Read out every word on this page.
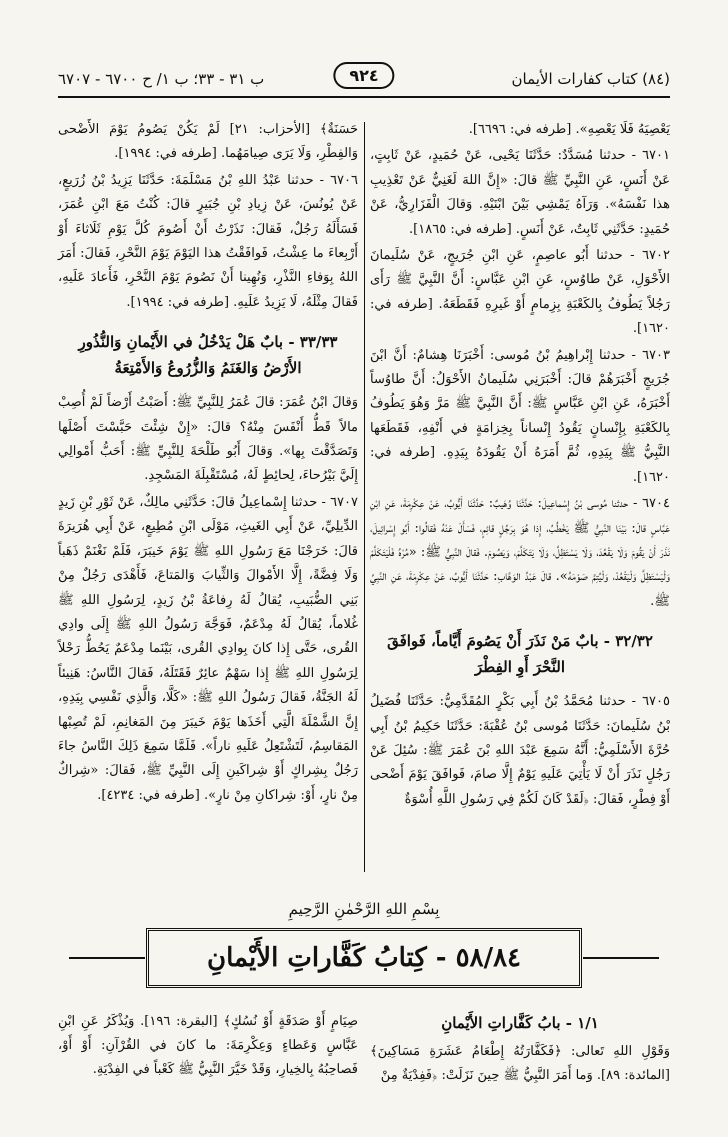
ب ٣١ - ٣٣؛ ب ١/ ح ٦٧٠٠ - ٦٧٠٧	٩٢٤	(٨٤) كتاب كفارات الأيمان

يَعْصِيَهُ فَلَا يَعْصِهِ». [طرفه في: ٦٦٩٦].

٦٧٠١ - حدثنا مُسَدَّدٌ: حَدَّثَنَا يَحْيى، عَنْ حُمَيدٍ، عَنْ ثَابِتٍ، عَنْ أَنَسٍ، عَنِ النَّبِيِّ ﷺ قالَ: «إِنَّ اللهَ لَغَنِيٌّ عَنْ تَعْذِيبِ هذا نَفْسَهُ». وَرَآهُ يَمْشِي بَيْنَ ابْنَيْهِ. وَقالَ الْفَزَارِيُّ، عَنْ حُمَيدٍ: حَدَّثَنِي ثَابِتٌ، عَنْ أَنَسٍ. [طرفه في: ١٨٦٥].

٦٧٠٢ - حدثنا أَبُو عاصِمٍ، عَنِ ابْنِ جُرَيجٍ، عَنْ سُلَيمانَ الأَحْوَلِ، عَنْ طاوُسٍ، عَنِ ابْنِ عَبَّاسٍ: أَنَّ النَّبِيَّ ﷺ رَأَى رَجُلاً يَطُوفُ بِالكَعْبَةِ بِزِمامٍ أَوْ غَيرِهِ فَقَطَعَهُ. [طرفه في: ١٦٢٠].

٦٧٠٣ - حدثنا إِبْراهِيمُ بْنُ مُوسى: أَخْبَرَنَا هِشامٌ: أَنَّ ابْنَ جُرَيجٍ أَخْبَرَهُمْ قالَ: أَخْبَرَنِي سُلَيمانُ الأَحْوَلُ: أَنَّ طاوُساً أَخْبَرَهُ، عَنِ ابْنِ عَبَّاسٍ ﷺ: أَنَّ النَّبِيَّ ﷺ مَرَّ وَهُوَ يَطُوفُ بِالكَعْبَةِ بِإِنْسانٍ يَقُودُ إِنْساناً بِخِزامَةٍ في أَنْفِهِ، فَقَطَعَها النَّبِيُّ ﷺ بِيَدِهِ، ثُمَّ أَمَرَهُ أَنْ يَقُودَهُ بِيَدِهِ. [طرفه في: ١٦٢٠].

٦٧٠٤ - حدثنا مُوسى بْنُ إِسْماعِيلَ: حَدَّثَنَا وُهَيبٌ: حَدَّثَنَا أَيُّوبُ، عَنْ عِكْرِمَةَ، عَنِ ابْنِ عَبَّاسٍ قالَ: بَيْنَا النَّبِيُّ ﷺ يَخْطُبُ، إِذا هُوَ بِرَجُلٍ قائِمٍ، فَسَأَلَ عَنْهُ فَقالُوا: أَبُو إِسْرائِيلَ، نَذَرَ أَنْ يَقُومَ وَلَا يَقْعُدَ، وَلَا يَسْتَظِلَّ، وَلَا يَتَكَلَّمَ، وَيَصُومَ. فَقالَ النَّبِيُّ ﷺ: «مُرْهُ فَلْيَتَكَلَّمْ وَلْيَسْتَظِلَّ وَلْيَقْعُدْ، وَلْيُتِمَّ صَوْمَهُ». قالَ عَبْدُ الوَهَّابِ: حَدَّثَنَا أَيُّوبُ، عَنْ عِكْرِمَةَ، عَنِ النَّبِيِّ ﷺ.

٣٢/٣٢ - بابٌ مَنْ نَذَرَ أَنْ يَصُومَ أَيَّاماً، فَوافَقَ النَّحْرَ أَوِ الفِطْرَ

٦٧٠٥ - حدثنا مُحَمَّدُ بْنُ أَبِي بَكْرٍ المُقَدَّمِيُّ: حَدَّثَنَا فُضَيلُ بْنُ سُلَيمانَ: حَدَّثَنَا مُوسى بْنُ عُقْبَةَ: حَدَّثَنَا حَكِيمُ بْنُ أَبِي حُرَّةَ الأَسْلَمِيُّ: أَنَّهُ سَمِعَ عَبْدَ اللهِ بْنَ عُمَرَ ﷺ: سُئِلَ عَنْ رَجُلٍ نَذَرَ أَنْ لَا يَأْتِيَ عَلَيهِ يَوْمٌ إِلَّا صامَ، فَوافَقَ يَوْمَ أَضْحى أَوْ فِطْرٍ، فَقالَ: ﴿لَقَدْ كَانَ لَكُمْ فِي رَسُولِ اللَّهِ أُسْوَةٌ

حَسَنَةٌ﴾ [الأحزاب: ٢١] لَمْ يَكُنْ يَصُومُ يَوْمَ الأَضْحى وَالفِطْرِ، وَلَا يَرَى صِيامَهُما. [طرفه في: ١٩٩٤].

٦٧٠٦ - حدثنا عَبْدُ اللهِ بْنُ مَسْلَمَةَ: حَدَّثَنَا يَزِيدُ بْنُ زُرَيعٍ، عَنْ يُونُسَ، عَنْ زِيادِ بْنِ جُبَيرٍ قالَ: كُنْتُ مَعَ ابْنِ عُمَرَ، فَسَأَلَهُ رَجُلٌ، فَقالَ: نَذَرْتُ أَنْ أَصُومَ كُلَّ يَوْمِ ثَلَاثاءَ أَوْ أَرْبِعاءَ ما عِشْتُ، فَوافَقْتُ هذا اليَوْمَ يَوْمَ النَّحْرِ، فَقالَ: أَمَرَ اللهُ بِوَفاءِ النَّذْرِ، وَنُهِينا أَنْ نَصُومَ يَوْمَ النَّحْرِ، فَأَعادَ عَلَيهِ، فَقالَ مِثْلَهُ، لَا يَزِيدُ عَلَيهِ. [طرفه في: ١٩٩٤].

٣٣/٣٣ - بابٌ هَلْ يَدْخُلُ في الأَيْمانِ وَالنُّذُورِ الأَرْضُ وَالغَنَمُ وَالزُّرُوعُ وَالأَمْتِعَةُ

وَقالَ ابْنُ عُمَرَ: قالَ عُمَرُ لِلنَّبِيِّ ﷺ: أَصَبْتُ أَرْضاً لَمْ أُصِبْ مالاً قَطُّ أَنْفَسَ مِنْهُ؟ قالَ: «إِنْ شِئْتَ حَبَّسْتَ أَصْلَها وَتَصَدَّقْتَ بِها». وَقالَ أَبُو طَلْحَةَ لِلنَّبِيِّ ﷺ: أَحَبُّ أَمْوالِي إِلَيَّ بَيْرُحاءَ، لِحائِطٍ لَهُ، مُسْتَقْبِلَةَ المَسْجِدِ.

٦٧٠٧ - حدثنا إِسْماعِيلُ قالَ: حَدَّثَنِي مالِكٌ، عَنْ ثَوْرِ بْنِ زَيدٍ الدِّيلِيِّ، عَنْ أَبِي الغَيثِ، مَوْلَى ابْنِ مُطِيعٍ، عَنْ أَبِي هُرَيرَةَ قالَ: خَرَجْنَا مَعَ رَسُولِ اللهِ ﷺ يَوْمَ خَيبَرَ، فَلَمْ نَغْنَمْ ذَهَباً وَلَا فِضَّةً، إِلَّا الأَمْوالَ وَالثِّيابَ وَالمَتاعَ، فَأَهْدَى رَجُلٌ مِنْ بَنِي الضُّبَيبِ، يُقالُ لَهُ رِفاعَةُ بْنُ زَيدٍ، لِرَسُولِ اللهِ ﷺ غُلاماً، يُقالُ لَهُ مِدْعَمٌ، فَوَجَّهَ رَسُولُ اللهِ ﷺ إِلَى وادِي القُرى، حَتَّى إِذا كانَ بِوادِي القُرى، بَيْنَما مِدْعَمٌ يَحُطُّ رَحْلاً لِرَسُولِ اللهِ ﷺ إِذا سَهْمٌ عائِرٌ فَقَتَلَهُ، فَقالَ النَّاسُ: هَنِيئاً لَهُ الجَنَّةُ، فَقالَ رَسُولُ اللهِ ﷺ: «كَلَّا، وَالَّذِي نَفْسِي بِيَدِهِ، إِنَّ الشَّمْلَةَ الَّتِي أَخَذَها يَوْمَ خَيبَرَ مِنَ المَغانِمِ، لَمْ تُصِبْها المَقاسِمُ، لَتَشْتَعِلُ عَلَيهِ ناراً». فَلَمَّا سَمِعَ ذَلِكَ النَّاسُ جاءَ رَجُلٌ بِشِراكٍ أَوْ شِراكَينِ إِلَى النَّبِيِّ ﷺ، فَقالَ: «شِراكٌ مِنْ نارٍ، أَوْ: شِراكانِ مِنْ نارٍ». [طرفه في: ٤٢٣٤].

بِسْمِ اللهِ الرَّحْمٰنِ الرَّحِيمِ
٥٨/٨٤ - كِتابُ كَفَّاراتِ الأَيْمانِ
١/١ - بابُ كَفَّاراتِ الأَيْمانِ

وَقَوْلِ اللهِ تَعالى: ﴿فَكَفَّارَتُهُ إِطْعَامُ عَشَرَةِ مَسَاكِينَ﴾ [المائدة: ٨٩]. وَما أَمَرَ النَّبِيُّ ﷺ حِينَ نَزَلَتْ: ﴿فَفِدْيَةٌ مِنْ

صِيَامٍ أَوْ صَدَقَةٍ أَوْ نُسُكٍ﴾ [البقرة: ١٩٦]. وَيُذْكَرُ عَنِ ابْنِ عَبَّاسٍ وَعَطاءٍ وَعِكْرِمَةَ: ما كانَ في القُرْآنِ: أَوْ أَوْ، فَصاحِبُهُ بِالخِيارِ، وَقَدْ خَيَّرَ النَّبِيُّ ﷺ كَعْباً في الفِدْيَةِ.
